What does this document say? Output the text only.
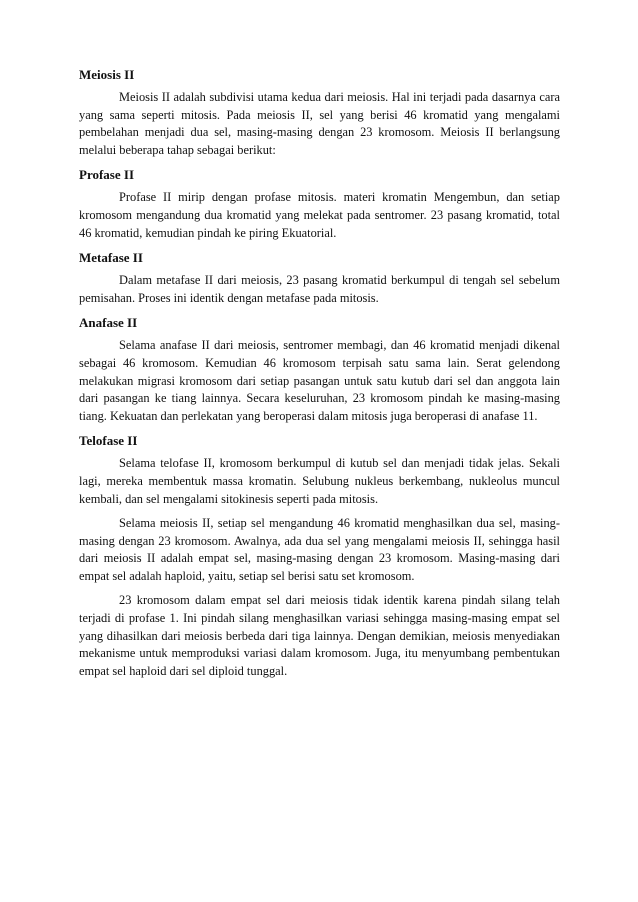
Meiosis II

Meiosis II adalah subdivisi utama kedua dari meiosis. Hal ini terjadi pada dasarnya cara yang sama seperti mitosis. Pada meiosis II, sel yang berisi 46 kromatid yang mengalami pembelahan menjadi dua sel, masing-masing dengan 23 kromosom. Meiosis II berlangsung melalui beberapa tahap sebagai berikut:

Profase II

Profase II mirip dengan profase mitosis. materi kromatin Mengembun, dan setiap kromosom mengandung dua kromatid yang melekat pada sentromer. 23 pasang kromatid, total 46 kromatid, kemudian pindah ke piring Ekuatorial.

Metafase II

Dalam metafase II dari meiosis, 23 pasang kromatid berkumpul di tengah sel sebelum pemisahan. Proses ini identik dengan metafase pada mitosis.

Anafase II

Selama anafase II dari meiosis, sentromer membagi, dan 46 kromatid menjadi dikenal sebagai 46 kromosom. Kemudian 46 kromosom terpisah satu sama lain. Serat gelendong melakukan migrasi kromosom dari setiap pasangan untuk satu kutub dari sel dan anggota lain dari pasangan ke tiang lainnya. Secara keseluruhan, 23 kromosom pindah ke masing-masing tiang. Kekuatan dan perlekatan yang beroperasi dalam mitosis juga beroperasi di anafase 11.

Telofase II

Selama telofase II, kromosom berkumpul di kutub sel dan menjadi tidak jelas. Sekali lagi, mereka membentuk massa kromatin. Selubung nukleus berkembang, nukleolus muncul kembali, dan sel mengalami sitokinesis seperti pada mitosis.

Selama meiosis II, setiap sel mengandung 46 kromatid menghasilkan dua sel, masing-masing dengan 23 kromosom. Awalnya, ada dua sel yang mengalami meiosis II, sehingga hasil dari meiosis II adalah empat sel, masing-masing dengan 23 kromosom. Masing-masing dari empat sel adalah haploid, yaitu, setiap sel berisi satu set kromosom.

23 kromosom dalam empat sel dari meiosis tidak identik karena pindah silang telah terjadi di profase 1. Ini pindah silang menghasilkan variasi sehingga masing-masing empat sel yang dihasilkan dari meiosis berbeda dari tiga lainnya. Dengan demikian, meiosis menyediakan mekanisme untuk memproduksi variasi dalam kromosom. Juga, itu menyumbang pembentukan empat sel haploid dari sel diploid tunggal.
